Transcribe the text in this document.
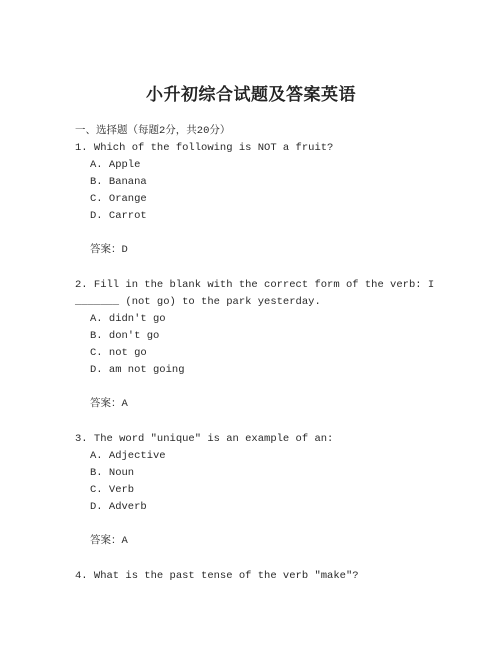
小升初综合试题及答案英语
一、选择题（每题2分，共20分）
1. Which of the following is NOT a fruit?
A. Apple
B. Banana
C. Orange
D. Carrot
答案：D
2. Fill in the blank with the correct form of the verb: I
_______ (not go) to the park yesterday.
A. didn't go
B. don't go
C. not go
D. am not going
答案：A
3. The word "unique" is an example of an:
A. Adjective
B. Noun
C. Verb
D. Adverb
答案：A
4. What is the past tense of the verb "make"?
